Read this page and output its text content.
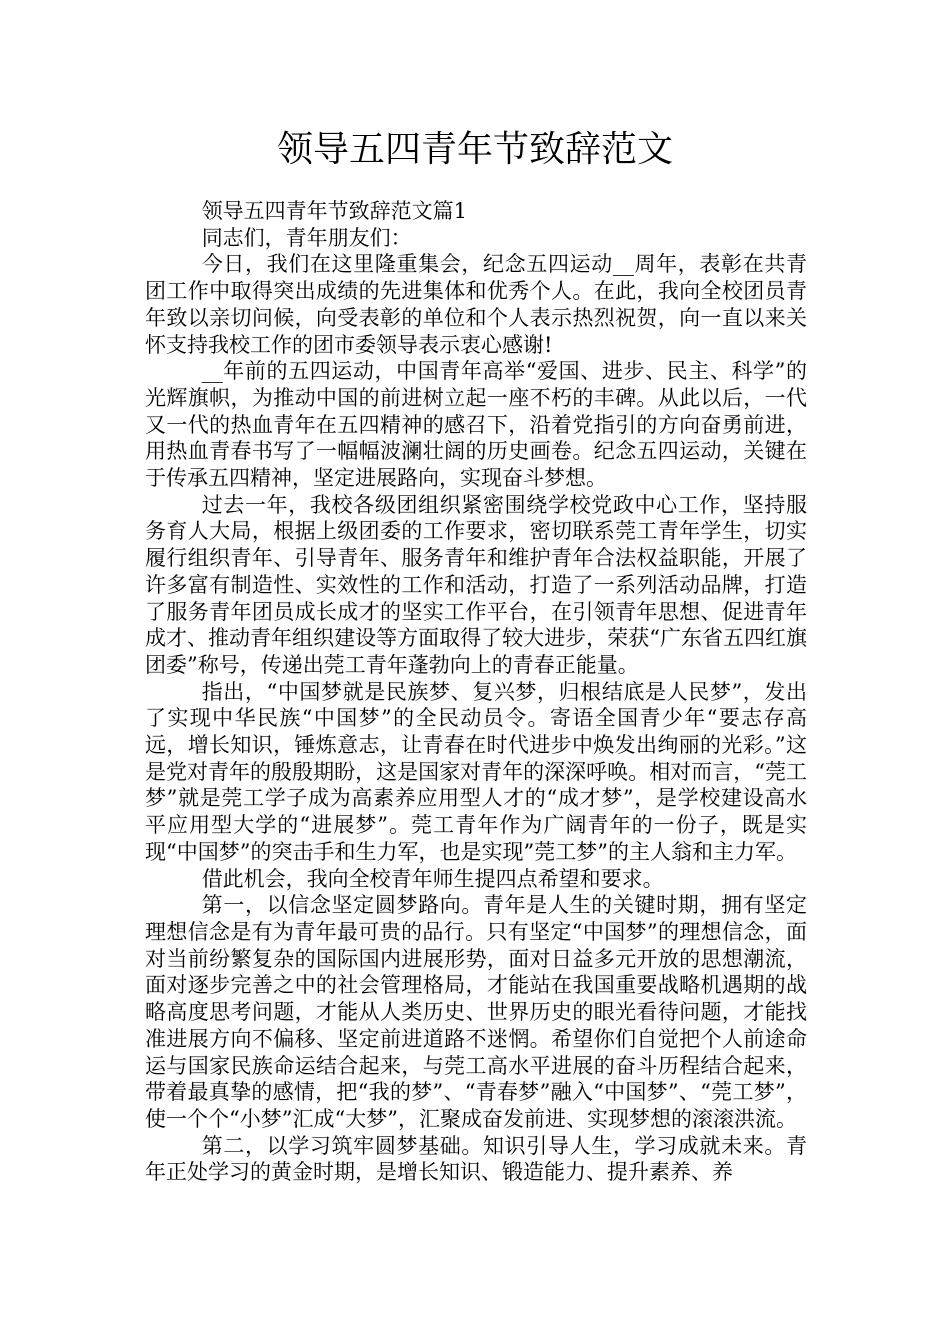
领导五四青年节致辞范文

领导五四青年节致辞范文篇1

同志们，青年朋友们：

今日，我们在这里隆重集会，纪念五四运动__周年，表彰在共青团工作中取得突出成绩的先进集体和优秀个人。在此，我向全校团员青年致以亲切问候，向受表彰的单位和个人表示热烈祝贺，向一直以来关怀支持我校工作的团市委领导表示衷心感谢!

__年前的五四运动，中国青年高举“爱国、进步、民主、科学”的光辉旗帜，为推动中国的前进树立起一座不朽的丰碑。从此以后，一代又一代的热血青年在五四精神的感召下，沿着党指引的方向奋勇前进，用热血青春书写了一幅幅波澜壮阔的历史画卷。纪念五四运动，关键在于传承五四精神，坚定进展路向，实现奋斗梦想。

过去一年，我校各级团组织紧密围绕学校党政中心工作，坚持服务育人大局，根据上级团委的工作要求，密切联系莞工青年学生，切实履行组织青年、引导青年、服务青年和维护青年合法权益职能，开展了许多富有制造性、实效性的工作和活动，打造了一系列活动品牌，打造了服务青年团员成长成才的坚实工作平台，在引领青年思想、促进青年成才、推动青年组织建设等方面取得了较大进步，荣获“广东省五四红旗团委”称号，传递出莞工青年蓬勃向上的青春正能量。

指出，“中国梦就是民族梦、复兴梦，归根结底是人民梦”，发出了实现中华民族“中国梦”的全民动员令。寄语全国青少年“要志存高远，增长知识，锤炼意志，让青春在时代进步中焕发出绚丽的光彩。”这是党对青年的殷殷期盼，这是国家对青年的深深呼唤。相对而言，“莞工梦”就是莞工学子成为高素养应用型人才的“成才梦”，是学校建设高水平应用型大学的“进展梦”。莞工青年作为广阔青年的一份子，既是实现“中国梦”的突击手和生力军，也是实现”莞工梦”的主人翁和主力军。

借此机会，我向全校青年师生提四点希望和要求。

第一，以信念坚定圆梦路向。青年是人生的关键时期，拥有坚定理想信念是有为青年最可贵的品行。只有坚定“中国梦”的理想信念，面对当前纷繁复杂的国际国内进展形势，面对日益多元开放的思想潮流，面对逐步完善之中的社会管理格局，才能站在我国重要战略机遇期的战略高度思考问题，才能从人类历史、世界历史的眼光看待问题，才能找准进展方向不偏移、坚定前进道路不迷惘。希望你们自觉把个人前途命运与国家民族命运结合起来，与莞工高水平进展的奋斗历程结合起来，带着最真挚的感情，把“我的梦”、“青春梦”融入“中国梦”、“莞工梦”，使一个个“小梦”汇成“大梦”，汇聚成奋发前进、实现梦想的滚滚洪流。

第二，以学习筑牢圆梦基础。知识引导人生，学习成就未来。青年正处学习的黄金时期，是增长知识、锻造能力、提升素养、养
